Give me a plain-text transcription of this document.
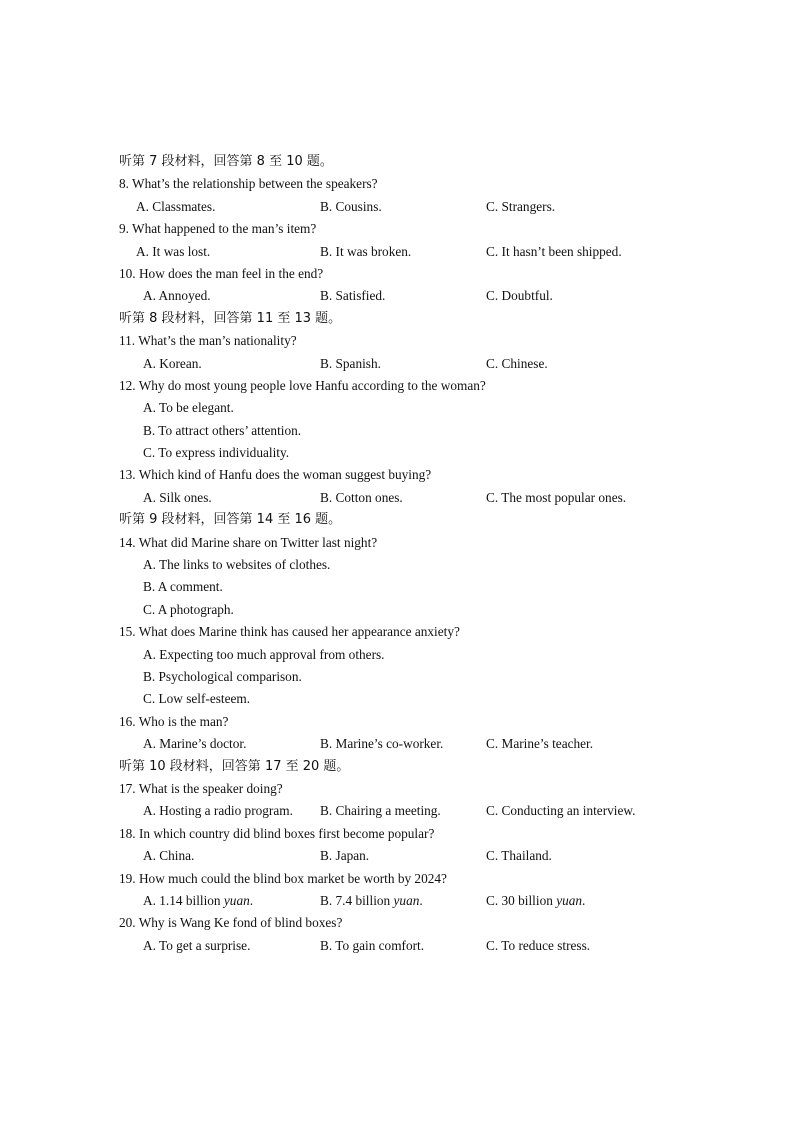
听第 7 段材料，回答第 8 至 10 题。
8. What’s the relationship between the speakers?
A. Classmates.	B. Cousins.	C. Strangers.
9. What happened to the man’s item?
A. It was lost.	B. It was broken.	C. It hasn’t been shipped.
10. How does the man feel in the end?
A. Annoyed.	B. Satisfied.	C. Doubtful.
听第 8 段材料，回答第 11 至 13 题。
11. What’s the man’s nationality?
A. Korean.	B. Spanish.	C. Chinese.
12. Why do most young people love Hanfu according to the woman?
A. To be elegant.
B. To attract others’ attention.
C. To express individuality.
13. Which kind of Hanfu does the woman suggest buying?
A. Silk ones.	B. Cotton ones.	C. The most popular ones.
听第 9 段材料，回答第 14 至 16 题。
14. What did Marine share on Twitter last night?
A. The links to websites of clothes.
B. A comment.
C. A photograph.
15. What does Marine think has caused her appearance anxiety?
A. Expecting too much approval from others.
B. Psychological comparison.
C. Low self-esteem.
16. Who is the man?
A. Marine’s doctor.	B. Marine’s co-worker.	C. Marine’s teacher.
听第 10 段材料，回答第 17 至 20 题。
17. What is the speaker doing?
A. Hosting a radio program. B. Chairing a meeting.	C. Conducting an interview.
18. In which country did blind boxes first become popular?
A. China.	B. Japan.	C. Thailand.
19. How much could the blind box market be worth by 2024?
A. 1.14 billion yuan.	B. 7.4 billion yuan.	C. 30 billion yuan.
20. Why is Wang Ke fond of blind boxes?
A. To get a surprise.	B. To gain comfort.	C. To reduce stress.
